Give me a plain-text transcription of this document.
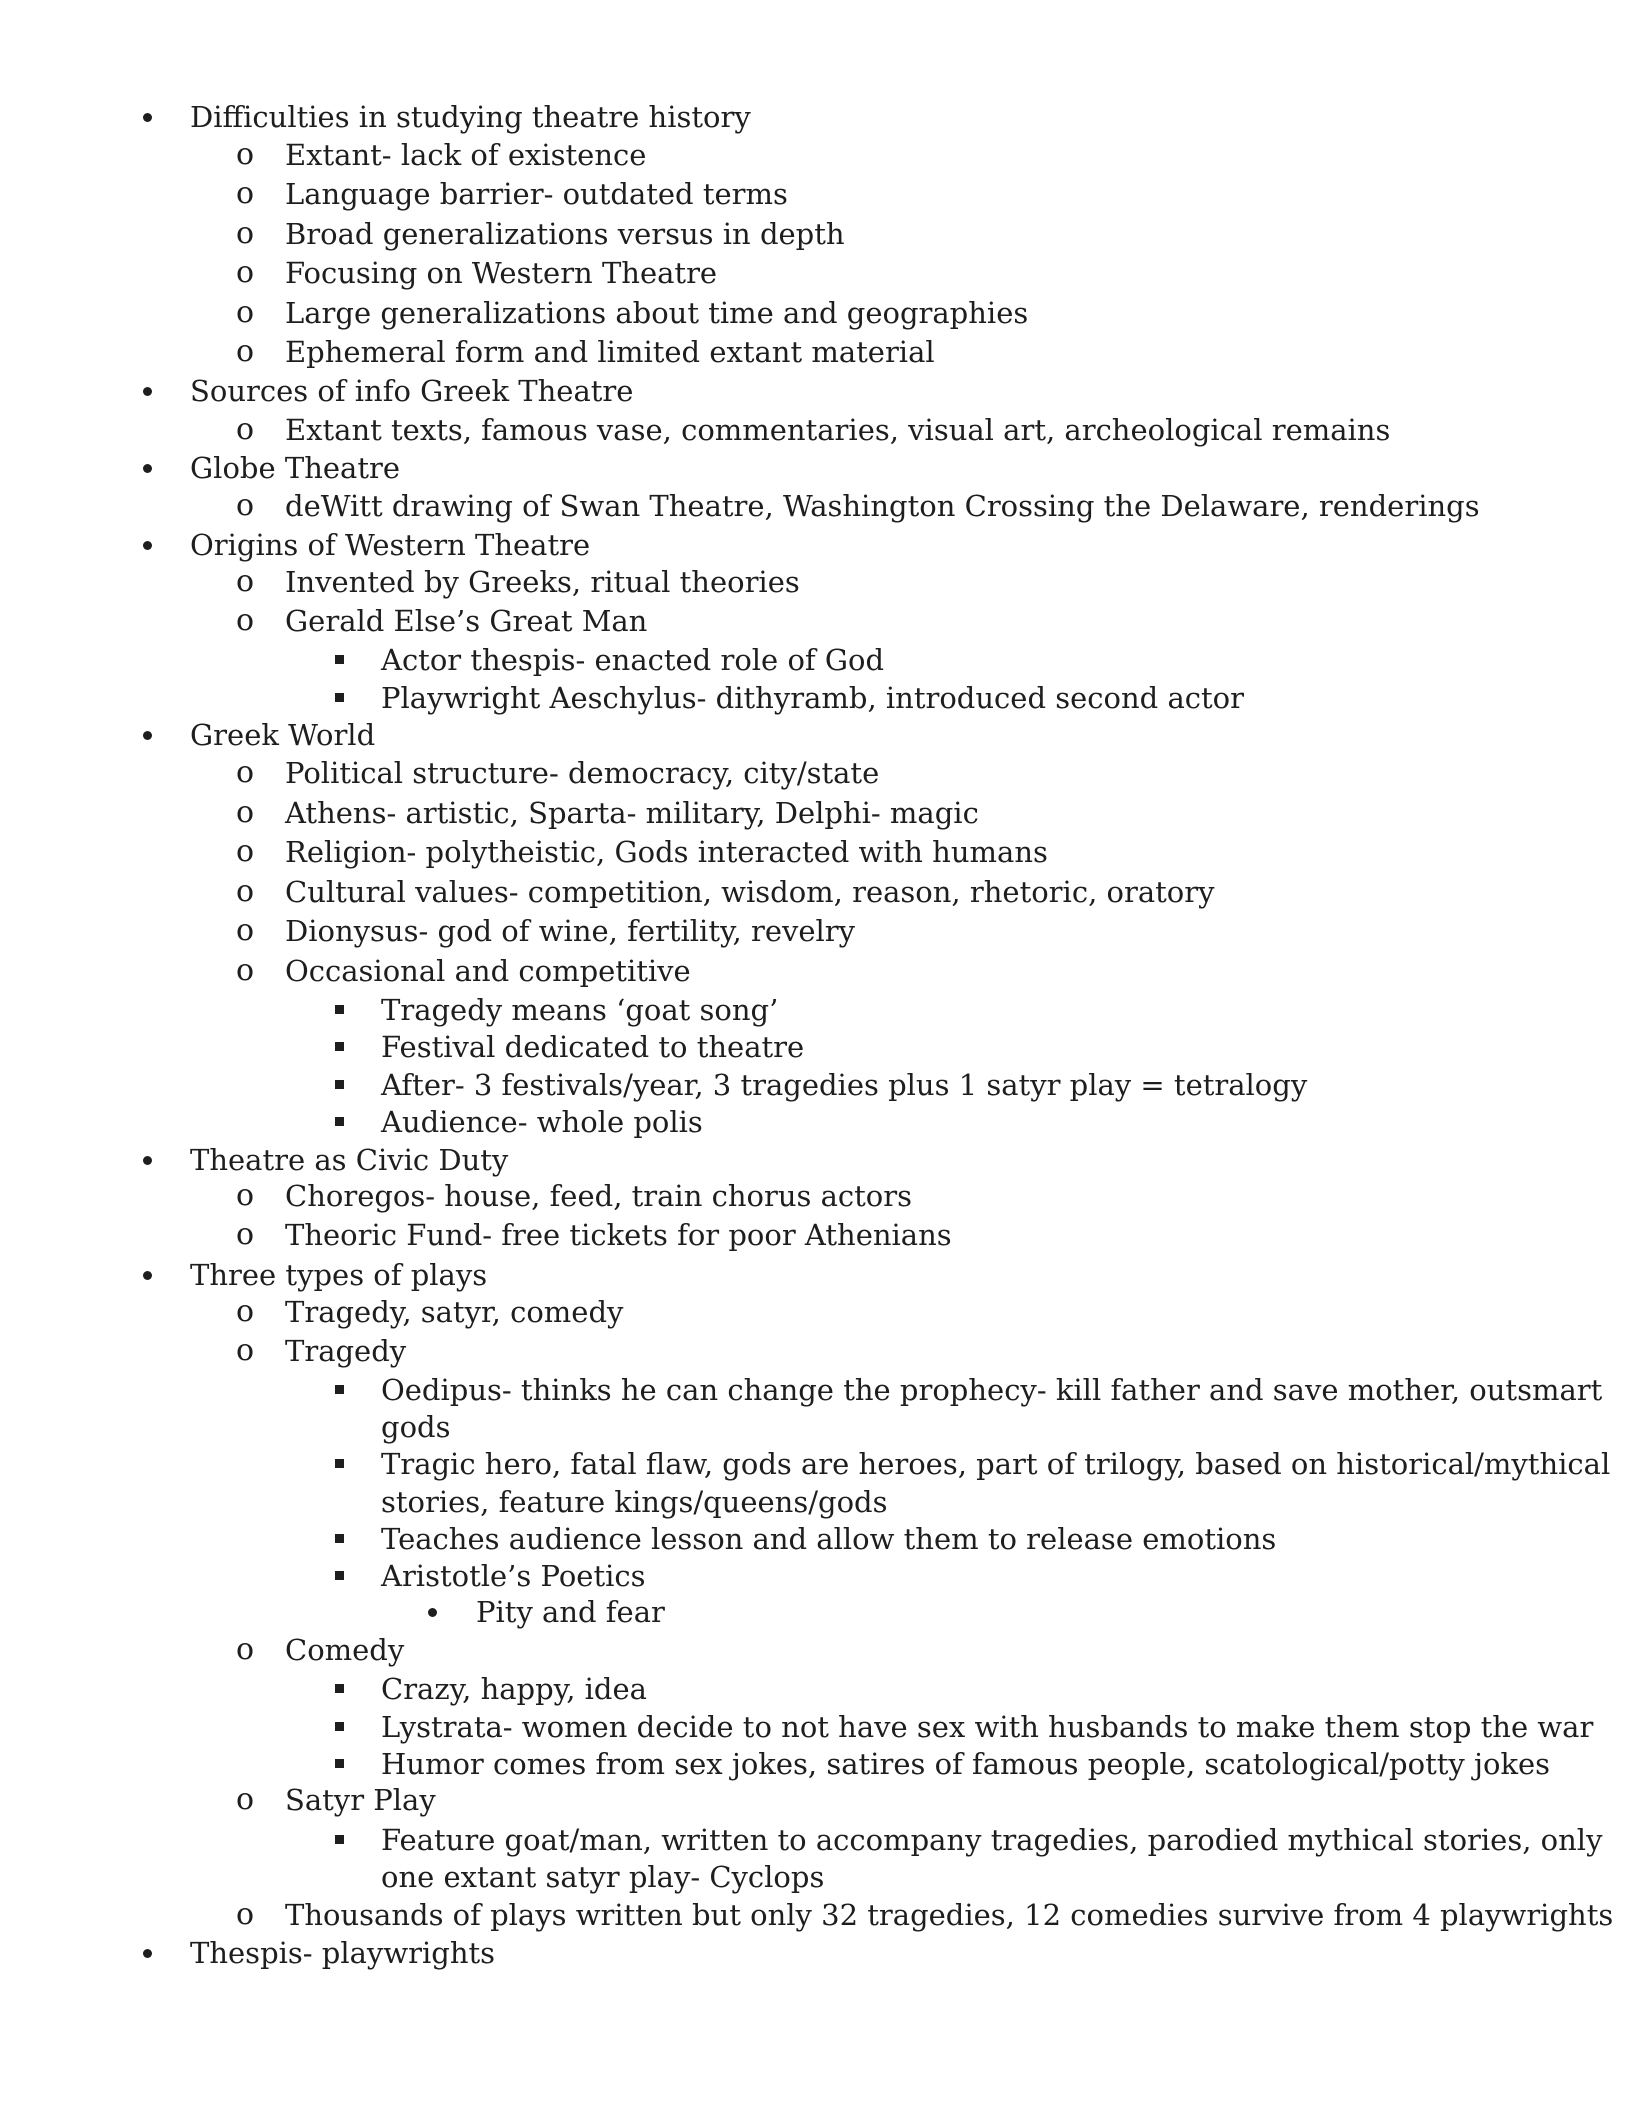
Difficulties in studying theatre history
o Extant- lack of existence
o Language barrier- outdated terms
o Broad generalizations versus in depth
o Focusing on Western Theatre
o Large generalizations about time and geographies
o Ephemeral form and limited extant material
Sources of info Greek Theatre
o Extant texts, famous vase, commentaries, visual art, archeological remains
Globe Theatre
o deWitt drawing of Swan Theatre, Washington Crossing the Delaware, renderings
Origins of Western Theatre
o Invented by Greeks, ritual theories
o Gerald Else’s Great Man
Actor thespis- enacted role of God
Playwright Aeschylus- dithyramb, introduced second actor
Greek World
o Political structure- democracy, city/state
o Athens- artistic, Sparta- military, Delphi- magic
o Religion- polytheistic, Gods interacted with humans
o Cultural values- competition, wisdom, reason, rhetoric, oratory
o Dionysus- god of wine, fertility, revelry
o Occasional and competitive
Tragedy means ‘goat song’
Festival dedicated to theatre
After- 3 festivals/year, 3 tragedies plus 1 satyr play = tetralogy
Audience- whole polis
Theatre as Civic Duty
o Choregos- house, feed, train chorus actors
o Theoric Fund- free tickets for poor Athenians
Three types of plays
o Tragedy, satyr, comedy
o Tragedy
Oedipus- thinks he can change the prophecy- kill father and save mother, outsmart
gods
Tragic hero, fatal flaw, gods are heroes, part of trilogy, based on historical/mythical
stories, feature kings/queens/gods
Teaches audience lesson and allow them to release emotions
Aristotle’s Poetics
Pity and fear
o Comedy
Crazy, happy, idea
Lystrata- women decide to not have sex with husbands to make them stop the war
Humor comes from sex jokes, satires of famous people, scatological/potty jokes
o Satyr Play
Feature goat/man, written to accompany tragedies, parodied mythical stories, only
one extant satyr play- Cyclops
o Thousands of plays written but only 32 tragedies, 12 comedies survive from 4 playwrights
Thespis- playwrights
